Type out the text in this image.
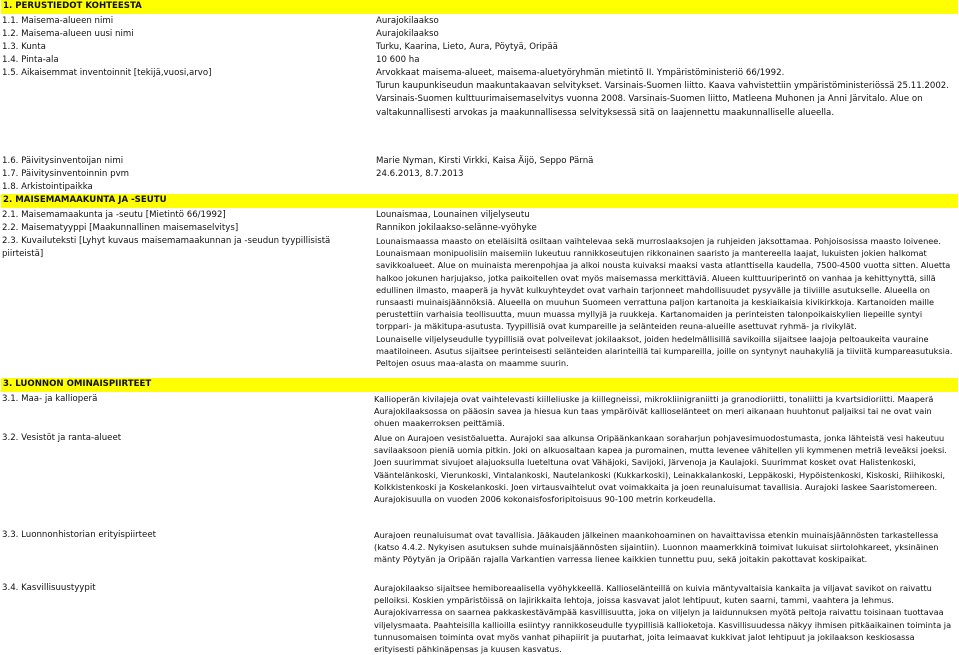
1. PERUSTIEDOT KOHTEESTA
1.1. Maisema-alueen nimi	Aurajokilaakso
1.2. Maisema-alueen uusi nimi	Aurajokilaakso
1.3. Kunta	Turku, Kaarina, Lieto, Aura, Pöytyä, Oripää
1.4. Pinta-ala	10 600 ha
1.5. Aikaisemmat inventoinnit [tekijä,vuosi,arvo]	Arvokkaat maisema-alueet, maisema-aluetyöryhmän mietintö II. Ympäristöministeriö 66/1992.
Turun kaupunkiseudun maakuntakaavan selvitykset. Varsinais-Suomen liitto. Kaava vahvistettiin ympäristöministeriössä 25.11.2002. Varsinais-Suomen kulttuurimaisemaselvitys vuonna 2008. Varsinais-Suomen liitto, Matleena Muhonen ja Anni Järvitalo. Alue on valtakunnallisesti arvokas ja maakunnallisessa selvityksessä sitä on laajennettu maakunnalliselle alueella.
1.6. Päivitysinventoijan nimi	Marie Nyman, Kirsti Virkki, Kaisa Äijö, Seppo Pärnä
1.7. Päivitysinventoinnin pvm	24.6.2013, 8.7.2013
1.8. Arkistointipaikka
2. MAISEMAMAAKUNTA JA -SEUTU
2.1. Maisemamaakunta ja -seutu [Mietintö 66/1992]	Lounaismaa, Lounainen viljelyseutu
2.2. Maisematyyppi [Maakunnallinen maisemaselvitys]	Rannikon jokilaakso-selänne-vyöhyke
2.3. Kuvailuteksti [Lyhyt kuvaus maisemamaakunnan ja -seudun tyypillisistä piirteistä]
Lounaismaassa maasto on eteläisiltä osiltaan vaihtelevaa sekä murroslaaksojen ja ruhjeiden jaksottamaa. Pohjoisosissa maasto loivenee. Lounaismaan monipuolisiin maisemiin lukeutuu rannikkoseutujen rikkonainen saaristo ja mantereella laajat, lukuisten jokien halkomat savikkoalueet. Alue on muinaista merenpohjaa ja alkoi nousta kuivaksi maaksi vasta atlanttisella kaudella, 7500-4500 vuotta sitten. Aluetta halkoo jokunen harjujakso, jotka paikoitellen ovat myös maisemassa merkittäviä. Alueen kulttuuriperintö on vanhaa ja kehittynyttä, sillä edullinen ilmasto, maaperä ja hyvät kulkuyhteydet ovat varhain tarjonneet mahdollisuudet pysyvälle ja tiiviille asutukselle. Alueella on runsaasti muinaisjäännöksiä. Alueella on muuhun Suomeen verrattuna paljon kartanoita ja keskiaikaisia kivikirkkoja. Kartanoiden maille perustettiin varhaisia teollisuutta, muun muassa myllyjä ja ruukkeja. Kartanomaiden ja perinteisten talonpoikaiskylien liepeille syntyi torppari- ja mäkitupa-asutusta. Tyypillisiä ovat kumpareille ja selänteiden reuna-alueille asettuvat ryhmä- ja rivikylät.
Lounaiselle viljelyseudulle tyypillisiä ovat polveilevat jokilaaksot, joiden hedelmällisillä savikoilla sijaitsee laajoja peltoaukeita vauraine maatiloineen. Asutus sijaitsee perinteisesti selänteiden alarinteillä tai kumpareilla, joille on syntynyt nauhakyliä ja tiiviitä kumpareasutuksia. Peltojen osuus maa-alasta on maamme suurin.
3. LUONNON OMINAISPIIRTEET
3.1. Maa- ja kallioperä	Kallioperän kivilajeja ovat vaihtelevasti kiilleliuske ja kiillegneissi, mikrokliinigraniitti ja granodioriitti, tonaliitti ja kvartsidioriitti. Maaperä Aurajokilaaksossa on pääosin savea ja hiesua kun taas ympäröivät kallioselänteet on meri aikanaan huuhtonut paljaiksi tai ne ovat vain ohuen maakerroksen peittämiä.
3.2. Vesistöt ja ranta-alueet	Alue on Aurajoen vesistöaluetta. Aurajoki saa alkunsa Oripäänkankaan soraharjun pohjavesimuodostumasta, jonka lähteistä vesi hakeutuu savilaaksoon pieniä uomia pitkin. Joki on alkuosaltaan kapea ja puromainen, mutta levenee vähitellen yli kymmenen metriä leveäksi joeksi. Joen suurimmat sivujoet alajuoksulla lueteltuna ovat Vähäjoki, Savijoki, Järvenoja ja Kaulajoki. Suurimmat kosket ovat Halistenkoski, Vääntelänkoski, Vierunkoski, Vintalankoski, Nautelankoski (Kukkarkoski), Leinakkalankoski, Leppäkoski, Hypöistenkoski, Kiskoski, Riihikoski, Kolkkistenkoski ja Koskelankoski. Joen virtausvaihtelut ovat voimakkaita ja joen reunaluisumat tavallisia. Aurajoki laskee Saaristomereen. Aurajokisuulla on vuoden 2006 kokonaisfosforipitoisuus 90-100 metrin korkeudella.
3.3. Luonnonhistorian erityispiirteet	Aurajoen reunaluisumat ovat tavallisia. Jääkauden jälkeinen maankohoaminen on havaittavissa etenkin muinaisjäännösten tarkastellessa (katso 4.4.2. Nykyisen asutuksen suhde muinaisjäännösten sijaintiin). Luonnon maamerkkinä toimivat lukuisat siirtolohkareet, yksinäinen mänty Pöytyän ja Oripään rajalla Varkantien varressa lienee kaikkien tunnettu puu, sekä joitakin pakottavat koskipaikat.
3.4. Kasvillisuustyypit	Aurajokilaakso sijaitsee hemiboreaalisella vyöhykkeellä. Kallioselänteillä on kuivia mäntyvaltaisia kankaita ja viljavat savikot on raivattu pelloiksi. Koskien ympäristöissä on lajirikkaita lehtoja, joissa kasvavat jalot lehtipuut, kuten saarni, tammi, vaahtera ja lehmus. Aurajokivarressa on saarnea pakkaskestävämpää kasvillisuutta, joka on viljelyn ja laidunnuksen myötä peltoja raivattu toisinaan tuottavaa viljelysmaata. Paahteisilla kallioilla esiintyy rannikkoseudulle tyypillisiä kallioketoja. Kasvillisuudessa näkyy ihmisen pitkäaikainen toiminta ja tunnusomaisen toiminta ovat myös vanhat pihapiirit ja puutarhat, joita leimaavat kukkivat jalot lehtipuut ja jokilaakson keskiosassa erityisesti pähkinäpensas ja kuusen kasvatus.
